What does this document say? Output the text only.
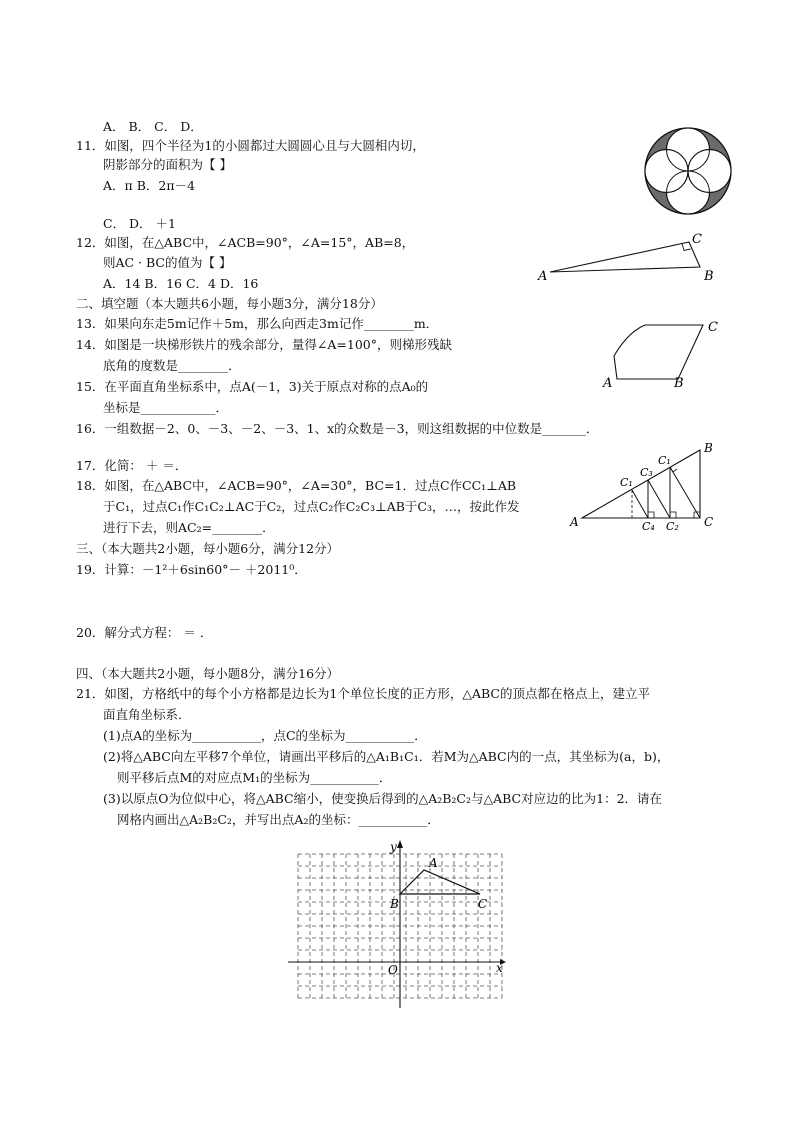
A． B． C． D．
11．如图，四个半径为1的小圆都过大圆圆心且与大圆相内切，
阴影部分的面积为【 】
A．π B．2π－4
C． D． ＋1
12．如图，在△ABC中，∠ACB=90°，∠A=15°，AB=8，
则AC · BC的值为【 】
A．14 B．16 C．4 D．16
二、填空题（本大题共6小题，每小题3分，满分18分）
13．如果向东走5m记作＋5m，那么向西走3m记作________m．
14．如图是一块梯形铁片的残余部分，量得∠A=100°，则梯形残缺
底角的度数是________．
15．在平面直角坐标系中，点A(－1，3)关于原点对称的点A₀的
坐标是____________．
16．一组数据－2、0、－3、－2、－3、1、x的众数是－3，则这组数据的中位数是_______．
17．化简： ＋ ＝．
18．如图，在△ABC中，∠ACB=90°，∠A=30°，BC=1．过点C作CC₁⊥AB
于C₁，过点C₁作C₁C₂⊥AC于C₂，过点C₂作C₂C₃⊥AB于C₃，…，按此作发
进行下去，则AC₂=________．
三、（本大题共2小题，每小题6分，满分12分）
19．计算：－1²＋6sin60°－ ＋2011⁰．
20．解分式方程： ＝ ．
四、（本大题共2小题，每小题8分，满分16分）
21．如图，方格纸中的每个小方格都是边长为1个单位长度的正方形，△ABC的顶点都在格点上，建立平
面直角坐标系．
(1)点A的坐标为___________，点C的坐标为___________．
(2)将△ABC向左平移7个单位，请画出平移后的△A₁B₁C₁．若M为△ABC内的一点，其坐标为(a，b)，
则平移后点M的对应点M₁的坐标为___________．
(3)以原点O为位似中心，将△ABC缩小，使变换后得到的△A₂B₂C₂与△ABC对应边的比为1：2．请在
网格内画出△A₂B₂C₂，并写出点A₂的坐标：___________．
A
C
B
C
A	B
A
B
C
C₁
C₂
C₃
C₄
C₁
A
B	C
O	x
y
